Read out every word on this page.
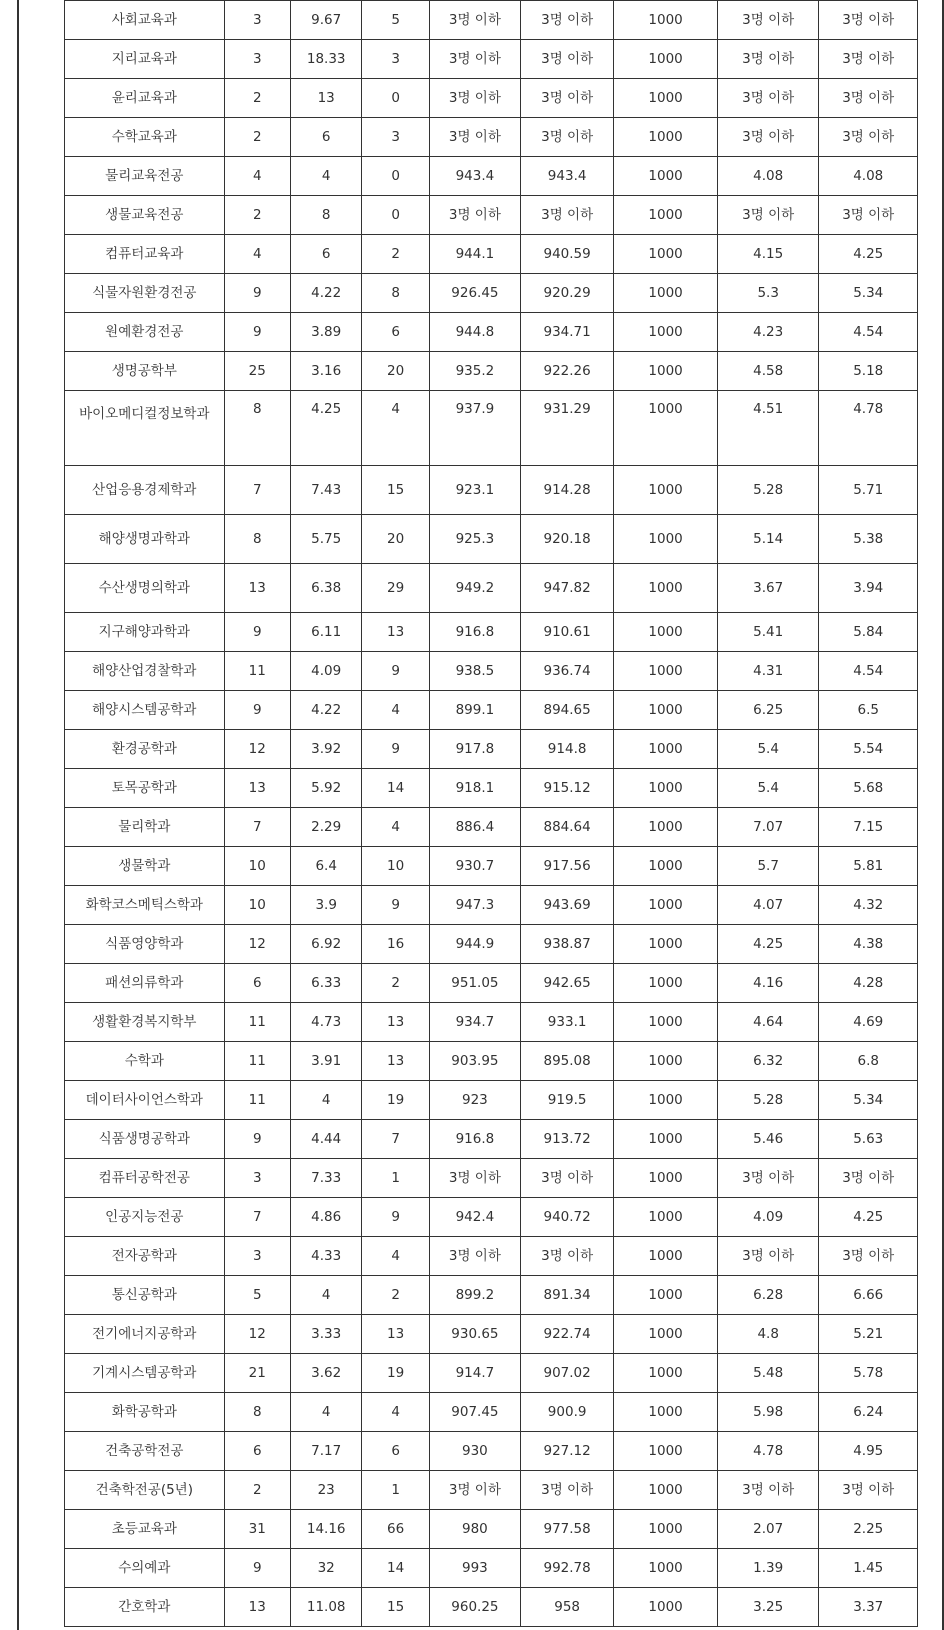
사회교육과	3	9.67	5	3명 이하	3명 이하	1000	3명 이하	3명 이하
지리교육과	3	18.33	3	3명 이하	3명 이하	1000	3명 이하	3명 이하
윤리교육과	2	13	0	3명 이하	3명 이하	1000	3명 이하	3명 이하
수학교육과	2	6	3	3명 이하	3명 이하	1000	3명 이하	3명 이하
물리교육전공	4	4	0	943.4	943.4	1000	4.08	4.08
생물교육전공	2	8	0	3명 이하	3명 이하	1000	3명 이하	3명 이하
컴퓨터교육과	4	6	2	944.1	940.59	1000	4.15	4.25
식물자원환경전공	9	4.22	8	926.45	920.29	1000	5.3	5.34
원예환경전공	9	3.89	6	944.8	934.71	1000	4.23	4.54
생명공학부	25	3.16	20	935.2	922.26	1000	4.58	5.18
바이오메디컬정보학과	8	4.25	4	937.9	931.29	1000	4.51	4.78
산업응용경제학과	7	7.43	15	923.1	914.28	1000	5.28	5.71
해양생명과학과	8	5.75	20	925.3	920.18	1000	5.14	5.38
수산생명의학과	13	6.38	29	949.2	947.82	1000	3.67	3.94
지구해양과학과	9	6.11	13	916.8	910.61	1000	5.41	5.84
해양산업경찰학과	11	4.09	9	938.5	936.74	1000	4.31	4.54
해양시스템공학과	9	4.22	4	899.1	894.65	1000	6.25	6.5
환경공학과	12	3.92	9	917.8	914.8	1000	5.4	5.54
토목공학과	13	5.92	14	918.1	915.12	1000	5.4	5.68
물리학과	7	2.29	4	886.4	884.64	1000	7.07	7.15
생물학과	10	6.4	10	930.7	917.56	1000	5.7	5.81
화학코스메틱스학과	10	3.9	9	947.3	943.69	1000	4.07	4.32
식품영양학과	12	6.92	16	944.9	938.87	1000	4.25	4.38
패션의류학과	6	6.33	2	951.05	942.65	1000	4.16	4.28
생활환경복지학부	11	4.73	13	934.7	933.1	1000	4.64	4.69
수학과	11	3.91	13	903.95	895.08	1000	6.32	6.8
데이터사이언스학과	11	4	19	923	919.5	1000	5.28	5.34
식품생명공학과	9	4.44	7	916.8	913.72	1000	5.46	5.63
컴퓨터공학전공	3	7.33	1	3명 이하	3명 이하	1000	3명 이하	3명 이하
인공지능전공	7	4.86	9	942.4	940.72	1000	4.09	4.25
전자공학과	3	4.33	4	3명 이하	3명 이하	1000	3명 이하	3명 이하
통신공학과	5	4	2	899.2	891.34	1000	6.28	6.66
전기에너지공학과	12	3.33	13	930.65	922.74	1000	4.8	5.21
기계시스템공학과	21	3.62	19	914.7	907.02	1000	5.48	5.78
화학공학과	8	4	4	907.45	900.9	1000	5.98	6.24
건축공학전공	6	7.17	6	930	927.12	1000	4.78	4.95
건축학전공(5년)	2	23	1	3명 이하	3명 이하	1000	3명 이하	3명 이하
초등교육과	31	14.16	66	980	977.58	1000	2.07	2.25
수의예과	9	32	14	993	992.78	1000	1.39	1.45
간호학과	13	11.08	15	960.25	958	1000	3.25	3.37
